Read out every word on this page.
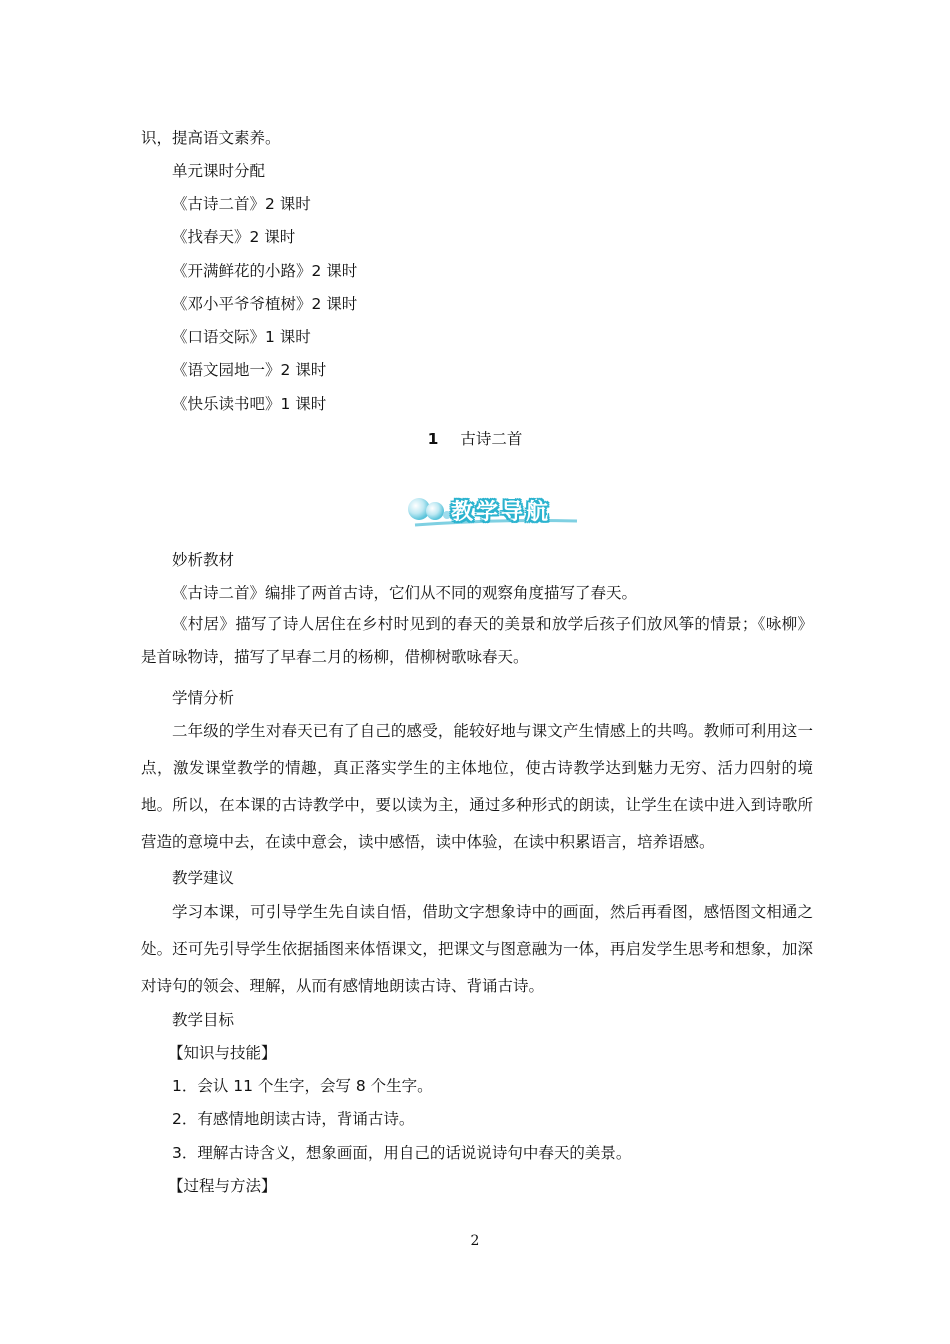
识，提高语文素养。
单元课时分配
《古诗二首》2 课时
《找春天》2 课时
《开满鲜花的小路》2 课时
《邓小平爷爷植树》2 课时
《口语交际》1 课时
《语文园地一》2 课时
《快乐读书吧》1 课时
1 古诗二首
教学导航
妙析教材
《古诗二首》编排了两首古诗，它们从不同的观察角度描写了春天。
《村居》描写了诗人居住在乡村时见到的春天的美景和放学后孩子们放风筝的情景；《咏柳》是首咏物诗，描写了早春二月的杨柳，借柳树歌咏春天。
学情分析
二年级的学生对春天已有了自己的感受，能较好地与课文产生情感上的共鸣。教师可利用这一点，激发课堂教学的情趣，真正落实学生的主体地位，使古诗教学达到魅力无穷、活力四射的境地。所以，在本课的古诗教学中，要以读为主，通过多种形式的朗读，让学生在读中进入到诗歌所营造的意境中去，在读中意会，读中感悟，读中体验，在读中积累语言，培养语感。
教学建议
学习本课，可引导学生先自读自悟，借助文字想象诗中的画面，然后再看图，感悟图文相通之处。还可先引导学生依据插图来体悟课文，把课文与图意融为一体，再启发学生思考和想象，加深对诗句的领会、理解，从而有感情地朗读古诗、背诵古诗。
教学目标
【知识与技能】
1．会认 11 个生字，会写 8 个生字。
2．有感情地朗读古诗，背诵古诗。
3．理解古诗含义，想象画面，用自己的话说说诗句中春天的美景。
【过程与方法】
2
